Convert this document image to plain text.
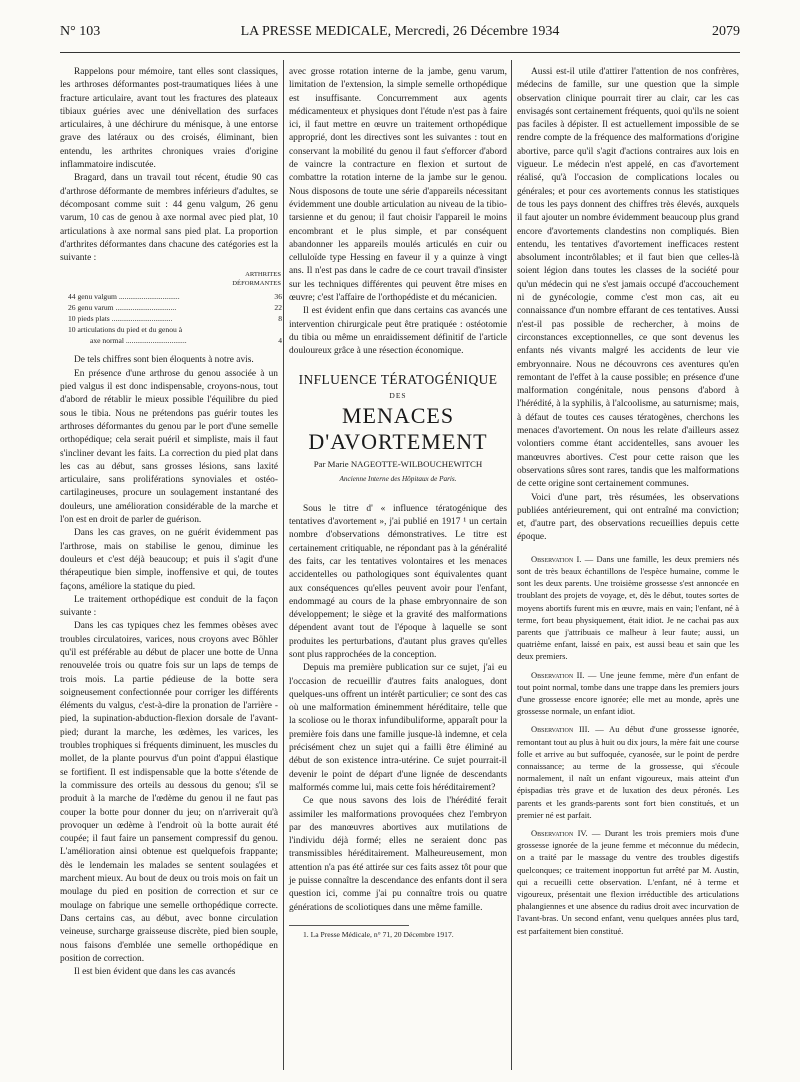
N° 103	LA PRESSE MEDICALE, Mercredi, 26 Décembre 1934	2079

Rappelons pour mémoire, tant elles sont classiques, les arthroses déformantes post-traumatiques liées à une fracture articulaire, avant tout les fractures des plateaux tibiaux guéries avec une dénivellation des surfaces articulaires, à une déchirure du ménisque, à une entorse grave des latéraux ou des croisés, éliminant, bien entendu, les arthrites chroniques vraies d'origine inflammatoire indiscutée.

Bragard, dans un travail tout récent, étudie 90 cas d'arthrose déformante de membres inférieurs d'adultes, se décomposant comme suit : 44 genu valgum, 26 genu varum, 10 cas de genou à axe normal avec pied plat, 10 articulations à axe normal sans pied plat. La proportion d'arthrites déformantes dans chacune des catégories est la suivante :

	ARTHRITES DÉFORMANTES
44 genu valgum ................................	36
26 genu varum ................................	22
10 pieds plats ................................	8
10 articulations du pied et du genou à	
axe normal ................................	4

De tels chiffres sont bien éloquents à notre avis.

En présence d'une arthrose du genou associée à un pied valgus il est donc indispensable, croyons-nous, tout d'abord de rétablir le mieux possible l'équilibre du pied sous le tibia. Nous ne prétendons pas guérir toutes les arthroses déformantes du genou par le port d'une semelle orthopédique; cela serait puéril et simpliste, mais il faut s'incliner devant les faits. La correction du pied plat dans les cas au début, sans grosses lésions, sans laxité articulaire, sans proliférations synoviales et ostéo-cartilagineuses, procure un soulagement instantané des douleurs, une amélioration considérable de la marche et l'on est en droit de parler de guérison.

Dans les cas graves, on ne guérit évidemment pas l'arthrose, mais on stabilise le genou, diminue les douleurs et c'est déjà beaucoup; et puis il s'agit d'une thérapeutique bien simple, inoffensive et qui, de toutes façons, améliore la statique du pied.

Le traitement orthopédique est conduit de la façon suivante :

Dans les cas typiques chez les femmes obèses avec troubles circulatoires, varices, nous croyons avec Böhler qu'il est préférable au début de placer une botte de Unna renouvelée trois ou quatre fois sur un laps de temps de trois mois. La partie pédieuse de la botte sera soigneusement confectionnée pour corriger les différents éléments du valgus, c'est-à-dire la pronation de l'arrière - pied, la supination-abduction-flexion dorsale de l'avant-pied; durant la marche, les œdèmes, les varices, les troubles trophiques si fréquents diminuent, les muscles du mollet, de la plante pourvus d'un point d'appui élastique se fortifient. Il est indispensable que la botte s'étende de la commissure des orteils au dessous du genou; s'il se produit à la marche de l'œdème du genou il ne faut pas couper la botte pour donner du jeu; on n'arriverait qu'à provoquer un œdème à l'endroit où la botte aurait été coupée; il faut faire un pansement compressif du genou. L'amélioration ainsi obtenue est quelquefois frappante; dès le lendemain les malades se sentent soulagées et marchent mieux. Au bout de deux ou trois mois on fait un moulage du pied en position de correction et sur ce moulage on fabrique une semelle orthopédique correcte. Dans certains cas, au début, avec bonne circulation veineuse, surcharge graisseuse discrète, pied bien souple, nous faisons d'emblée une semelle orthopédique en position de correction.

Il est bien évident que dans les cas avancés

avec grosse rotation interne de la jambe, genu varum, limitation de l'extension, la simple semelle orthopédique est insuffisante. Concurremment aux agents médicamenteux et physiques dont l'étude n'est pas à faire ici, il faut mettre en œuvre un traitement orthopédique approprié, dont les directives sont les suivantes : tout en conservant la mobilité du genou il faut s'efforcer d'abord de vaincre la contracture en flexion et surtout de combattre la rotation interne de la jambe sur le genou. Nous disposons de toute une série d'appareils nécessitant évidemment une double articulation au niveau de la tibio-tarsienne et du genou; il faut choisir l'appareil le moins encombrant et le plus simple, et par conséquent abandonner les appareils moulés articulés en cuir ou celluloïde type Hessing en faveur il y a quinze à vingt ans. Il n'est pas dans le cadre de ce court travail d'insister sur les techniques différentes qui peuvent être mises en œuvre; c'est l'affaire de l'orthopédiste et du mécanicien.

Il est évident enfin que dans certains cas avancés une intervention chirurgicale peut être pratiquée : ostéotomie du tibia ou même un enraidissement définitif de l'article douloureux grâce à une résection économique.

INFLUENCE TÉRATOGÉNIQUE
DES
MENACES D'AVORTEMENT
Par Marie NAGEOTTE-WILBOUCHEWITCH
Ancienne Interne des Hôpitaux de Paris.

Sous le titre d' « influence tératogénique des tentatives d'avortement », j'ai publié en 1917 ¹ un certain nombre d'observations démonstratives. Le titre est certainement critiquable, ne répondant pas à la généralité des faits, car les tentatives volontaires et les menaces accidentelles ou pathologiques sont équivalentes quant aux conséquences qu'elles peuvent avoir pour l'enfant, endommagé au cours de la phase embryonnaire de son développement; le siège et la gravité des malformations dépendent avant tout de l'époque à laquelle se sont produites les perturbations, d'autant plus graves qu'elles sont plus rapprochées de la conception.

Depuis ma première publication sur ce sujet, j'ai eu l'occasion de recueillir d'autres faits analogues, dont quelques-uns offrent un intérêt particulier; ce sont des cas où une malformation éminemment héréditaire, telle que la scoliose ou le thorax infundibuliforme, apparaît pour la première fois dans une famille jusque-là indemne, et cela précisément chez un sujet qui a failli être éliminé au début de son existence intra-utérine. Ce sujet pourrait-il devenir le point de départ d'une lignée de descendants malformés comme lui, mais cette fois héréditairement?

Ce que nous savons des lois de l'hérédité ferait assimiler les malformations provoquées chez l'embryon par des manœuvres abortives aux mutilations de l'individu déjà formé; elles ne seraient donc pas transmissibles héréditairement. Malheureusement, mon attention n'a pas été attirée sur ces faits assez tôt pour que je puisse connaître la descendance des enfants dont il sera question ici, comme j'ai pu connaître trois ou quatre générations de scoliotiques dans une même famille.

1. La Presse Médicale, n° 71, 20 Décembre 1917.

Aussi est-il utile d'attirer l'attention de nos confrères, médecins de famille, sur une question que la simple observation clinique pourrait tirer au clair, car les cas envisagés sont certainement fréquents, quoi qu'ils ne soient pas faciles à dépister. Il est actuellement impossible de se rendre compte de la fréquence des malformations d'origine abortive, parce qu'il s'agit d'actions contraires aux lois en vigueur. Le médecin n'est appelé, en cas d'avortement réalisé, qu'à l'occasion de complications locales ou générales; et pour ces avortements connus les statistiques de tous les pays donnent des chiffres très élevés, auxquels il faut ajouter un nombre évidemment beaucoup plus grand encore d'avortements clandestins non compliqués. Bien entendu, les tentatives d'avortement inefficaces restent absolument incontrôlables; et il faut bien que celles-là soient légion dans toutes les classes de la société pour qu'un médecin qui ne s'est jamais occupé d'accouchement ni de gynécologie, comme c'est mon cas, ait eu connaissance d'un nombre effarant de ces tentatives. Aussi n'est-il pas possible de rechercher, à moins de circonstances exceptionnelles, ce que sont devenus les enfants nés vivants malgré les accidents de leur vie embryonnaire. Nous ne découvrons ces aventures qu'en remontant de l'effet à la cause possible; en présence d'une malformation congénitale, nous pensons d'abord à l'hérédité, à la syphilis, à l'alcoolisme, au saturnisme; mais, à défaut de toutes ces causes tératogènes, cherchons les menaces d'avortement. On nous les relate d'ailleurs assez volontiers comme étant accidentelles, sans avouer les manœuvres abortives. C'est pour cette raison que les observations sûres sont rares, tandis que les malformations de cette origine sont certainement communes.

Voici d'une part, très résumées, les observations publiées antérieurement, qui ont entraîné ma conviction; et, d'autre part, des observations recueillies depuis cette époque.

Observation I. — Dans une famille, les deux premiers nés sont de très beaux échantillons de l'espèce humaine, comme le sont les deux parents. Une troisième grossesse s'est annoncée en troublant des projets de voyage, et, dès le début, toutes sortes de moyens abortifs furent mis en œuvre, mais en vain; l'enfant, né à terme, fort beau physiquement, était idiot. Je ne cachai pas aux parents que j'attribuais ce malheur à leur faute; aussi, un quatrième enfant, laissé en paix, est aussi beau et sain que les deux premiers.

Observation II. — Une jeune femme, mère d'un enfant de tout point normal, tombe dans une trappe dans les premiers jours d'une grossesse encore ignorée; elle met au monde, après une grossesse normale, un enfant idiot.

Observation III. — Au début d'une grossesse ignorée, remontant tout au plus à huit ou dix jours, la mère fait une course folle et arrive au but suffoquée, cyanosée, sur le point de perdre connaissance; au terme de la grossesse, qui s'écoule normalement, il naît un enfant vigoureux, mais atteint d'un épispadias très grave et de luxation des deux péronés. Les parents et les grands-parents sont fort bien constitués, et un premier né est parfait.

Observation IV. — Durant les trois premiers mois d'une grossesse ignorée de la jeune femme et méconnue du médecin, on a traité par le massage du ventre des troubles digestifs quelconques; ce traitement inopportun fut arrêté par M. Austin, qui a recueilli cette observation. L'enfant, né à terme et vigoureux, présentait une flexion irréductible des articulations phalangiennes et une absence du radius droit avec incurvation de l'avant-bras. Un second enfant, venu quelques années plus tard, est parfaitement bien constitué.
